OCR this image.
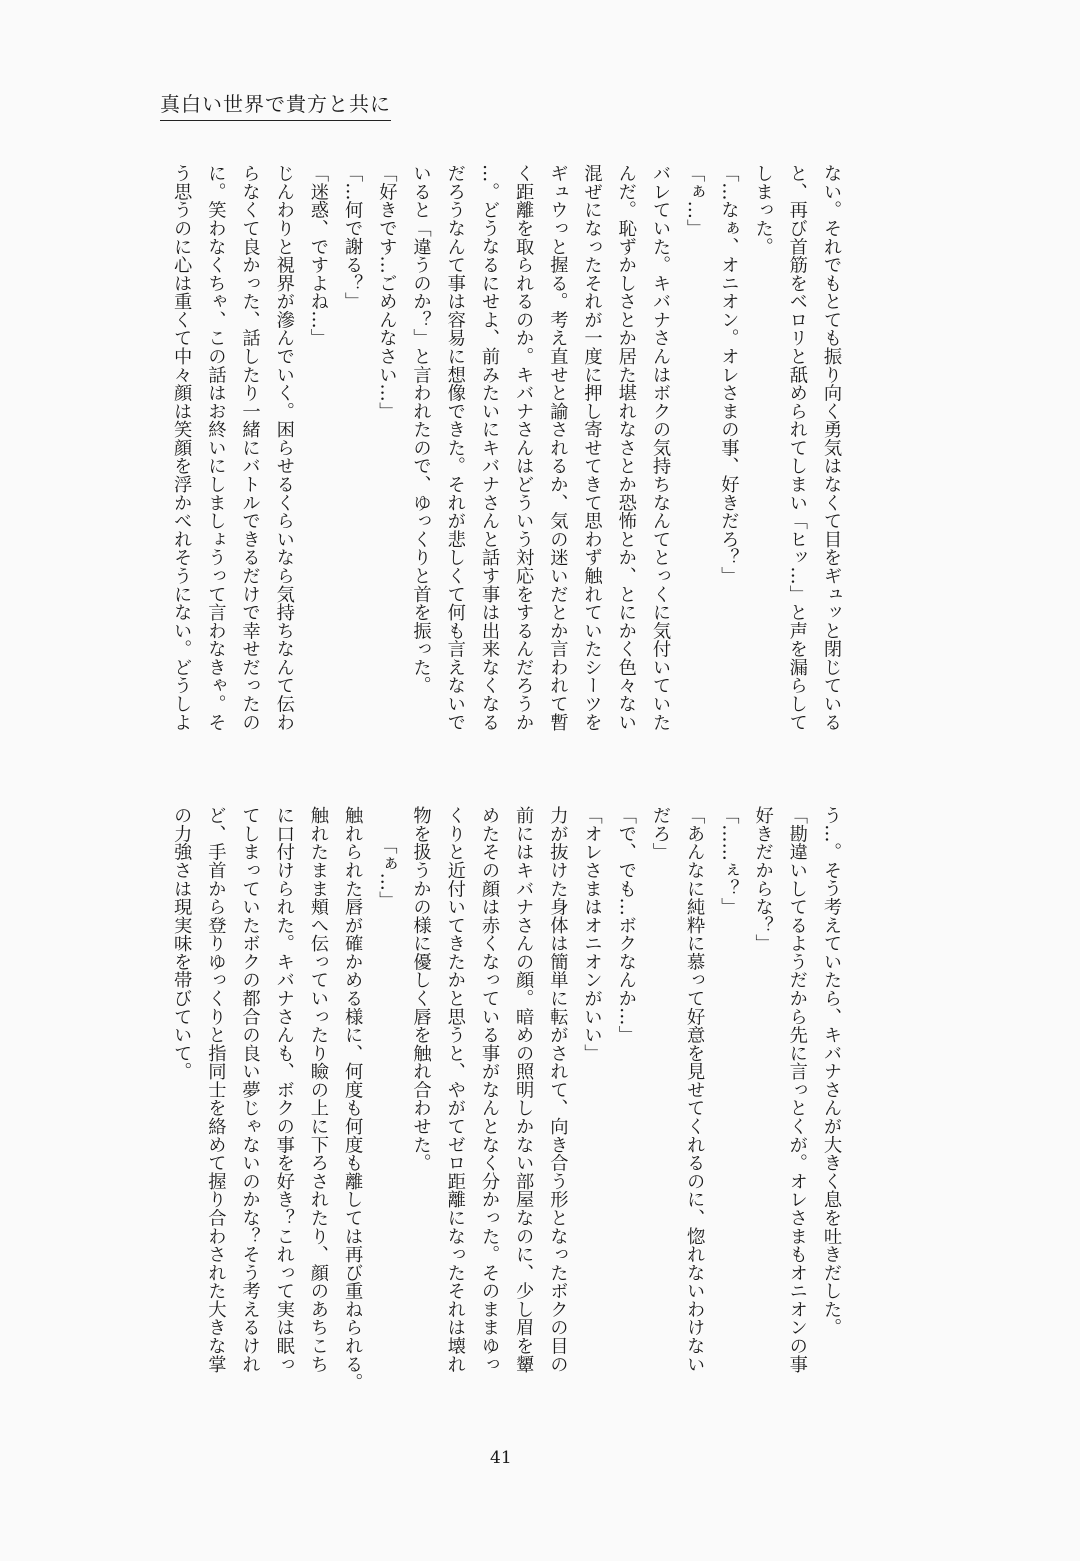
真白い世界で貴方と共に
ない。それでもとても振り向く勇気はなくて目をギュッと閉じている
と、再び首筋をベロリと舐められてしまい「ヒッ…」と声を漏らして
しまった。
「…なぁ、オニオン。オレさまの事、好きだろ？」
「ぁ…」
バレていた。キバナさんはボクの気持ちなんてとっくに気付いていた
んだ。恥ずかしさとか居た堪れなさとか恐怖とか、とにかく色々ない
混ぜになったそれが一度に押し寄せてきて思わず触れていたシーツを
ギュウっと握る。考え直せと諭されるか、気の迷いだとか言われて暫
く距離を取られるのか。キバナさんはどういう対応をするんだろうか
…。どうなるにせよ、前みたいにキバナさんと話す事は出来なくなる
だろうなんて事は容易に想像できた。それが悲しくて何も言えないで
いると「違うのか？」と言われたので、ゆっくりと首を振った。
「好きです…ごめんなさい…」
「…何で謝る？」
「迷惑、ですよね…」
じんわりと視界が滲んでいく。困らせるくらいなら気持ちなんて伝わ
らなくて良かった、話したり一緒にバトルできるだけで幸せだったの
に。笑わなくちゃ、この話はお終いにしましょうって言わなきゃ。そ
う思うのに心は重くて中々顔は笑顔を浮かべれそうにない。どうしよ
う…。そう考えていたら、キバナさんが大きく息を吐きだした。
「勘違いしてるようだから先に言っとくが。オレさまもオニオンの事
好きだからな？」
「……ぇ？」
「あんなに純粋に慕って好意を見せてくれるのに、惚れないわけない
だろ」
「で、でも…ボクなんか…」
「オレさまはオニオンがいい」
力が抜けた身体は簡単に転がされて、向き合う形となったボクの目の
前にはキバナさんの顔。暗めの照明しかない部屋なのに、少し眉を顰
めたその顔は赤くなっている事がなんとなく分かった。そのままゆっ
くりと近付いてきたかと思うと、やがてゼロ距離になったそれは壊れ
物を扱うかの様に優しく唇を触れ合わせた。
「ぁ…」
触れられた唇が確かめる様に、何度も何度も離しては再び重ねられる。
触れたまま頬へ伝っていったり瞼の上に下ろされたり、顔のあちこち
に口付けられた。キバナさんも、ボクの事を好き？これって実は眠っ
てしまっていたボクの都合の良い夢じゃないのかな？そう考えるけれ
ど、手首から登りゆっくりと指同士を絡めて握り合わされた大きな掌
の力強さは現実味を帯びていて。
41
